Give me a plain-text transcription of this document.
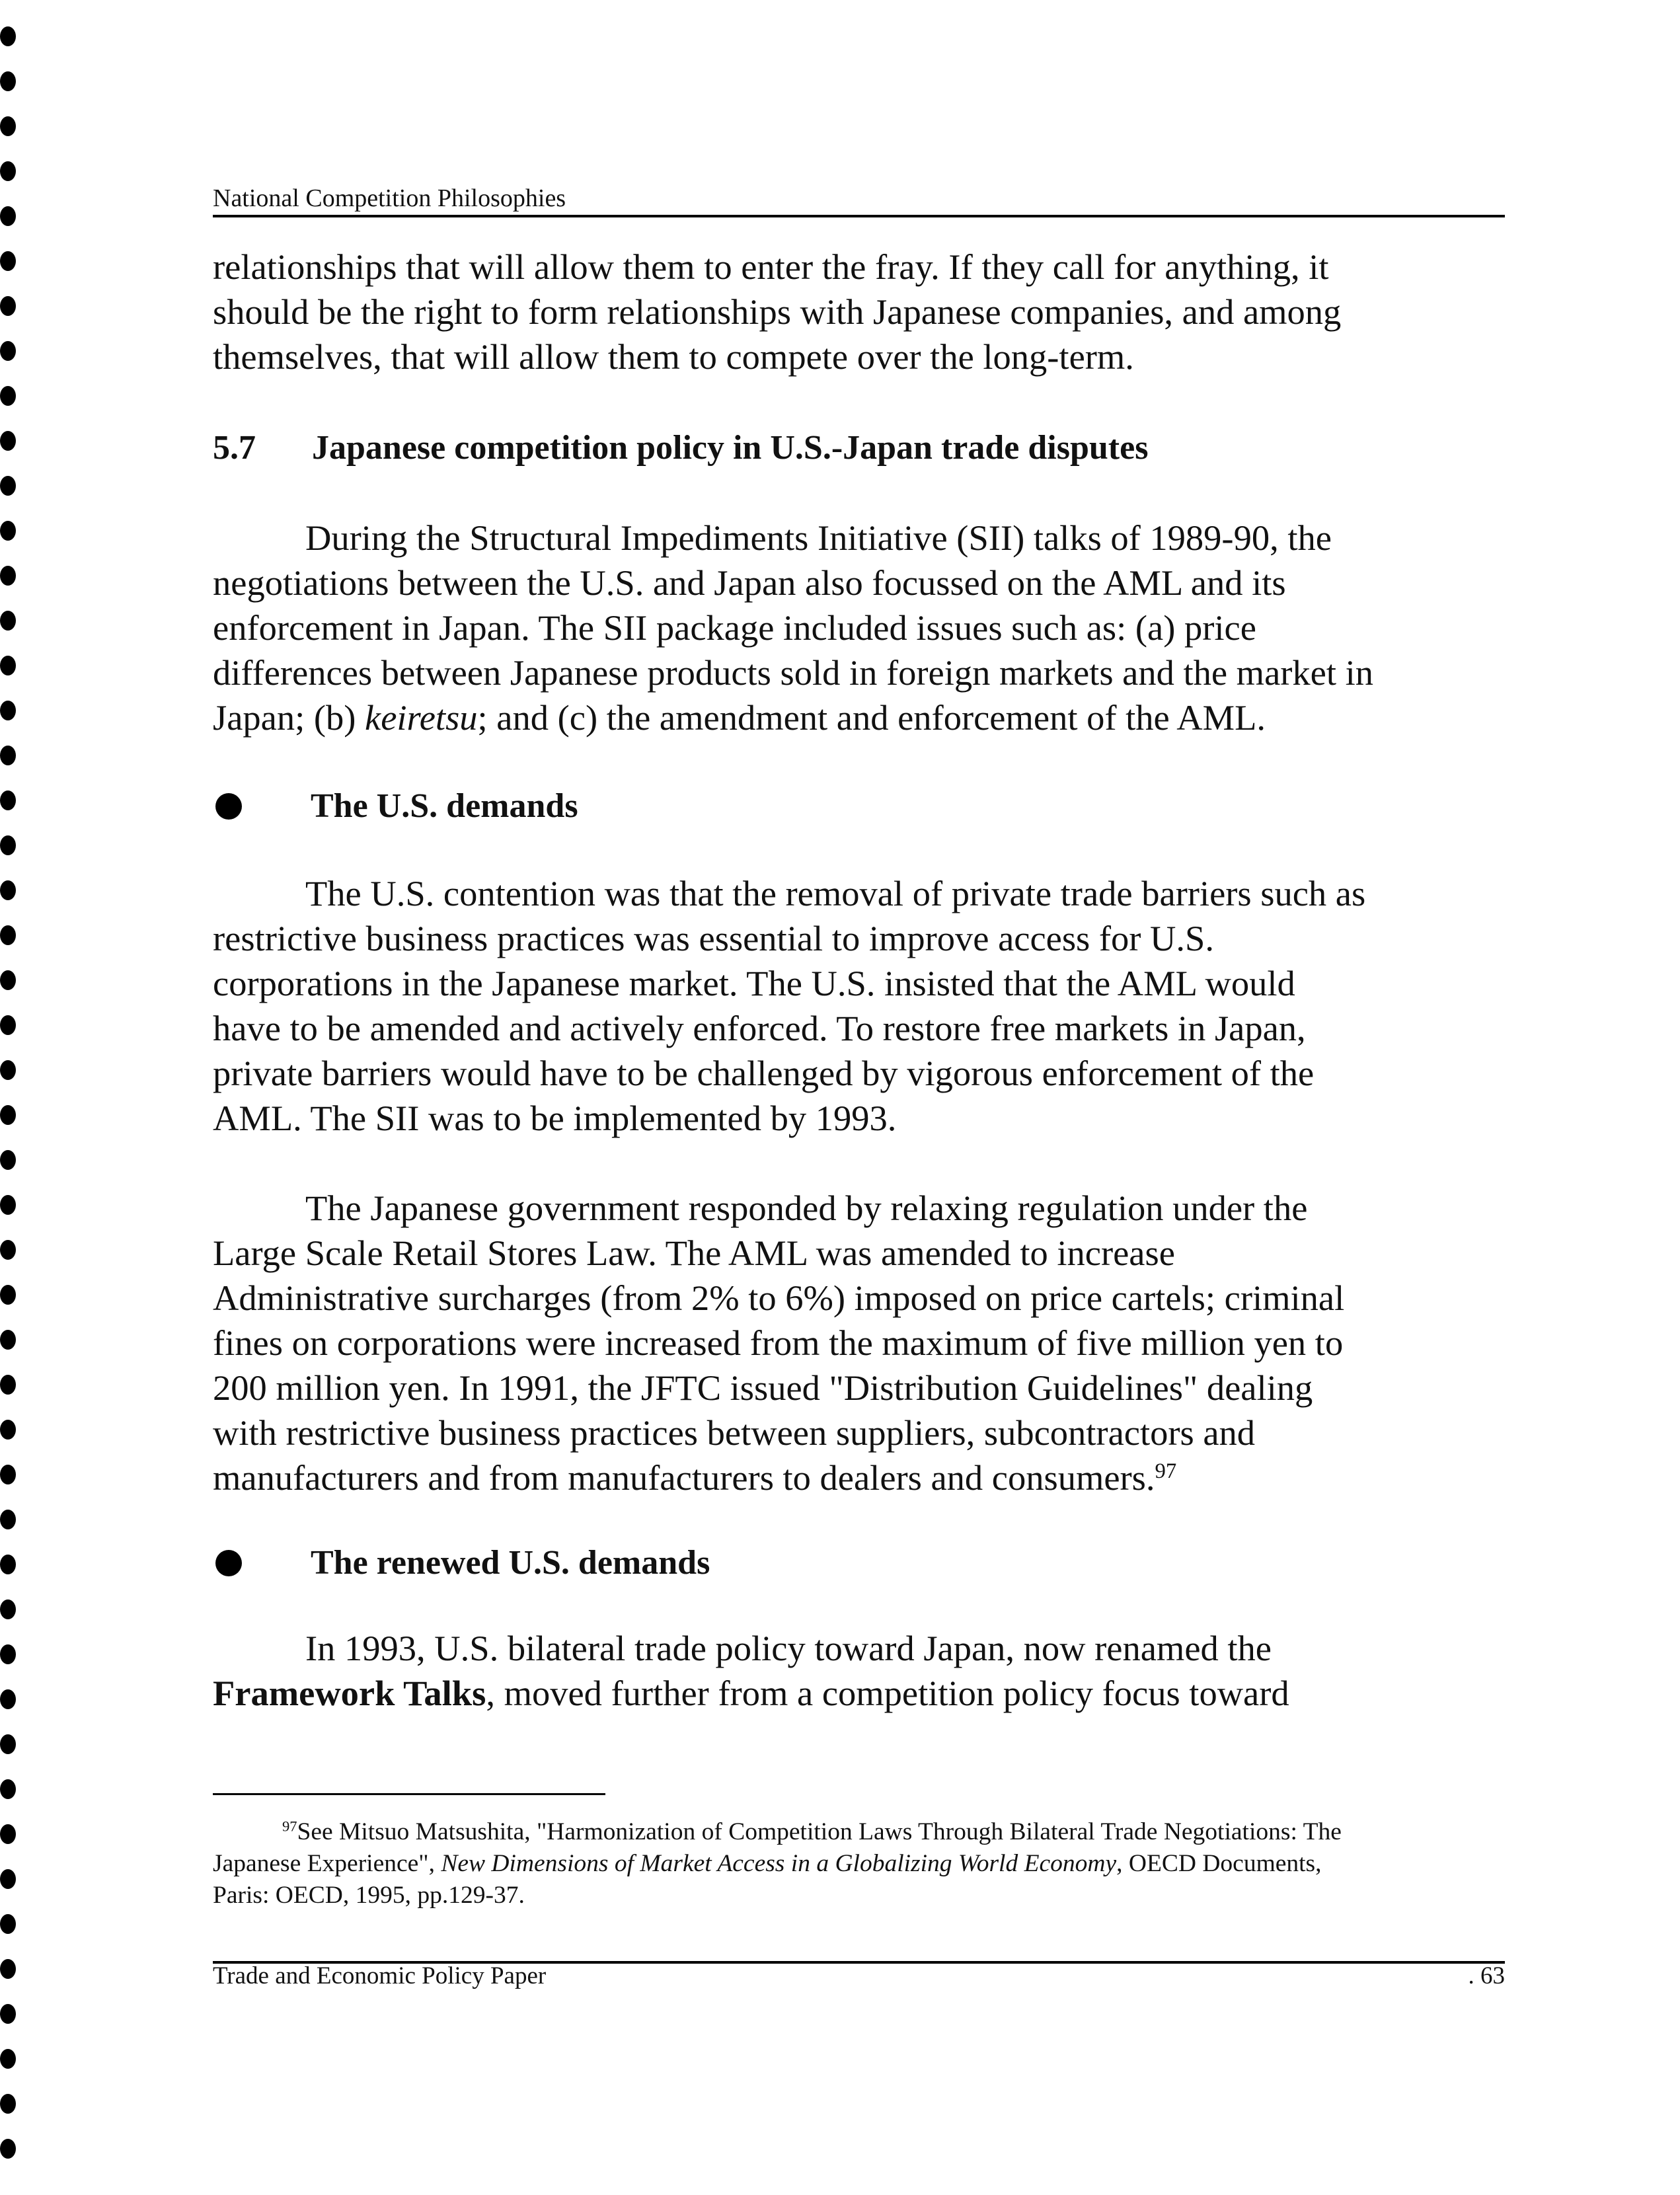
National Competition Philosophies
relationships that will allow them to enter the fray. If they call for anything, it
should be the right to form relationships with Japanese companies, and among
themselves, that will allow them to compete over the long-term.
5.7 Japanese competition policy in U.S.-Japan trade disputes
During the Structural Impediments Initiative (SII) talks of 1989-90, the
negotiations between the U.S. and Japan also focussed on the AML and its
enforcement in Japan. The SII package included issues such as: (a) price
differences between Japanese products sold in foreign markets and the market in
Japan; (b) keiretsu; and (c) the amendment and enforcement of the AML.
The U.S. demands
The U.S. contention was that the removal of private trade barriers such as
restrictive business practices was essential to improve access for U.S.
corporations in the Japanese market. The U.S. insisted that the AML would
have to be amended and actively enforced. To restore free markets in Japan,
private barriers would have to be challenged by vigorous enforcement of the
AML. The SII was to be implemented by 1993.
The Japanese government responded by relaxing regulation under the
Large Scale Retail Stores Law. The AML was amended to increase
Administrative surcharges (from 2% to 6%) imposed on price cartels; criminal
fines on corporations were increased from the maximum of five million yen to
200 million yen. In 1991, the JFTC issued "Distribution Guidelines" dealing
with restrictive business practices between suppliers, subcontractors and
manufacturers and from manufacturers to dealers and consumers.$^{97}$
The renewed U.S. demands
In 1993, U.S. bilateral trade policy toward Japan, now renamed the
Framework Talks, moved further from a competition policy focus toward
$^{97}$See Mitsuo Matsushita, "Harmonization of Competition Laws Through Bilateral Trade Negotiations: The
Japanese Experience", New Dimensions of Market Access in a Globalizing World Economy, OECD Documents,
Paris: OECD, 1995, pp.129-37.
Trade and Economic Policy Paper	. 63
